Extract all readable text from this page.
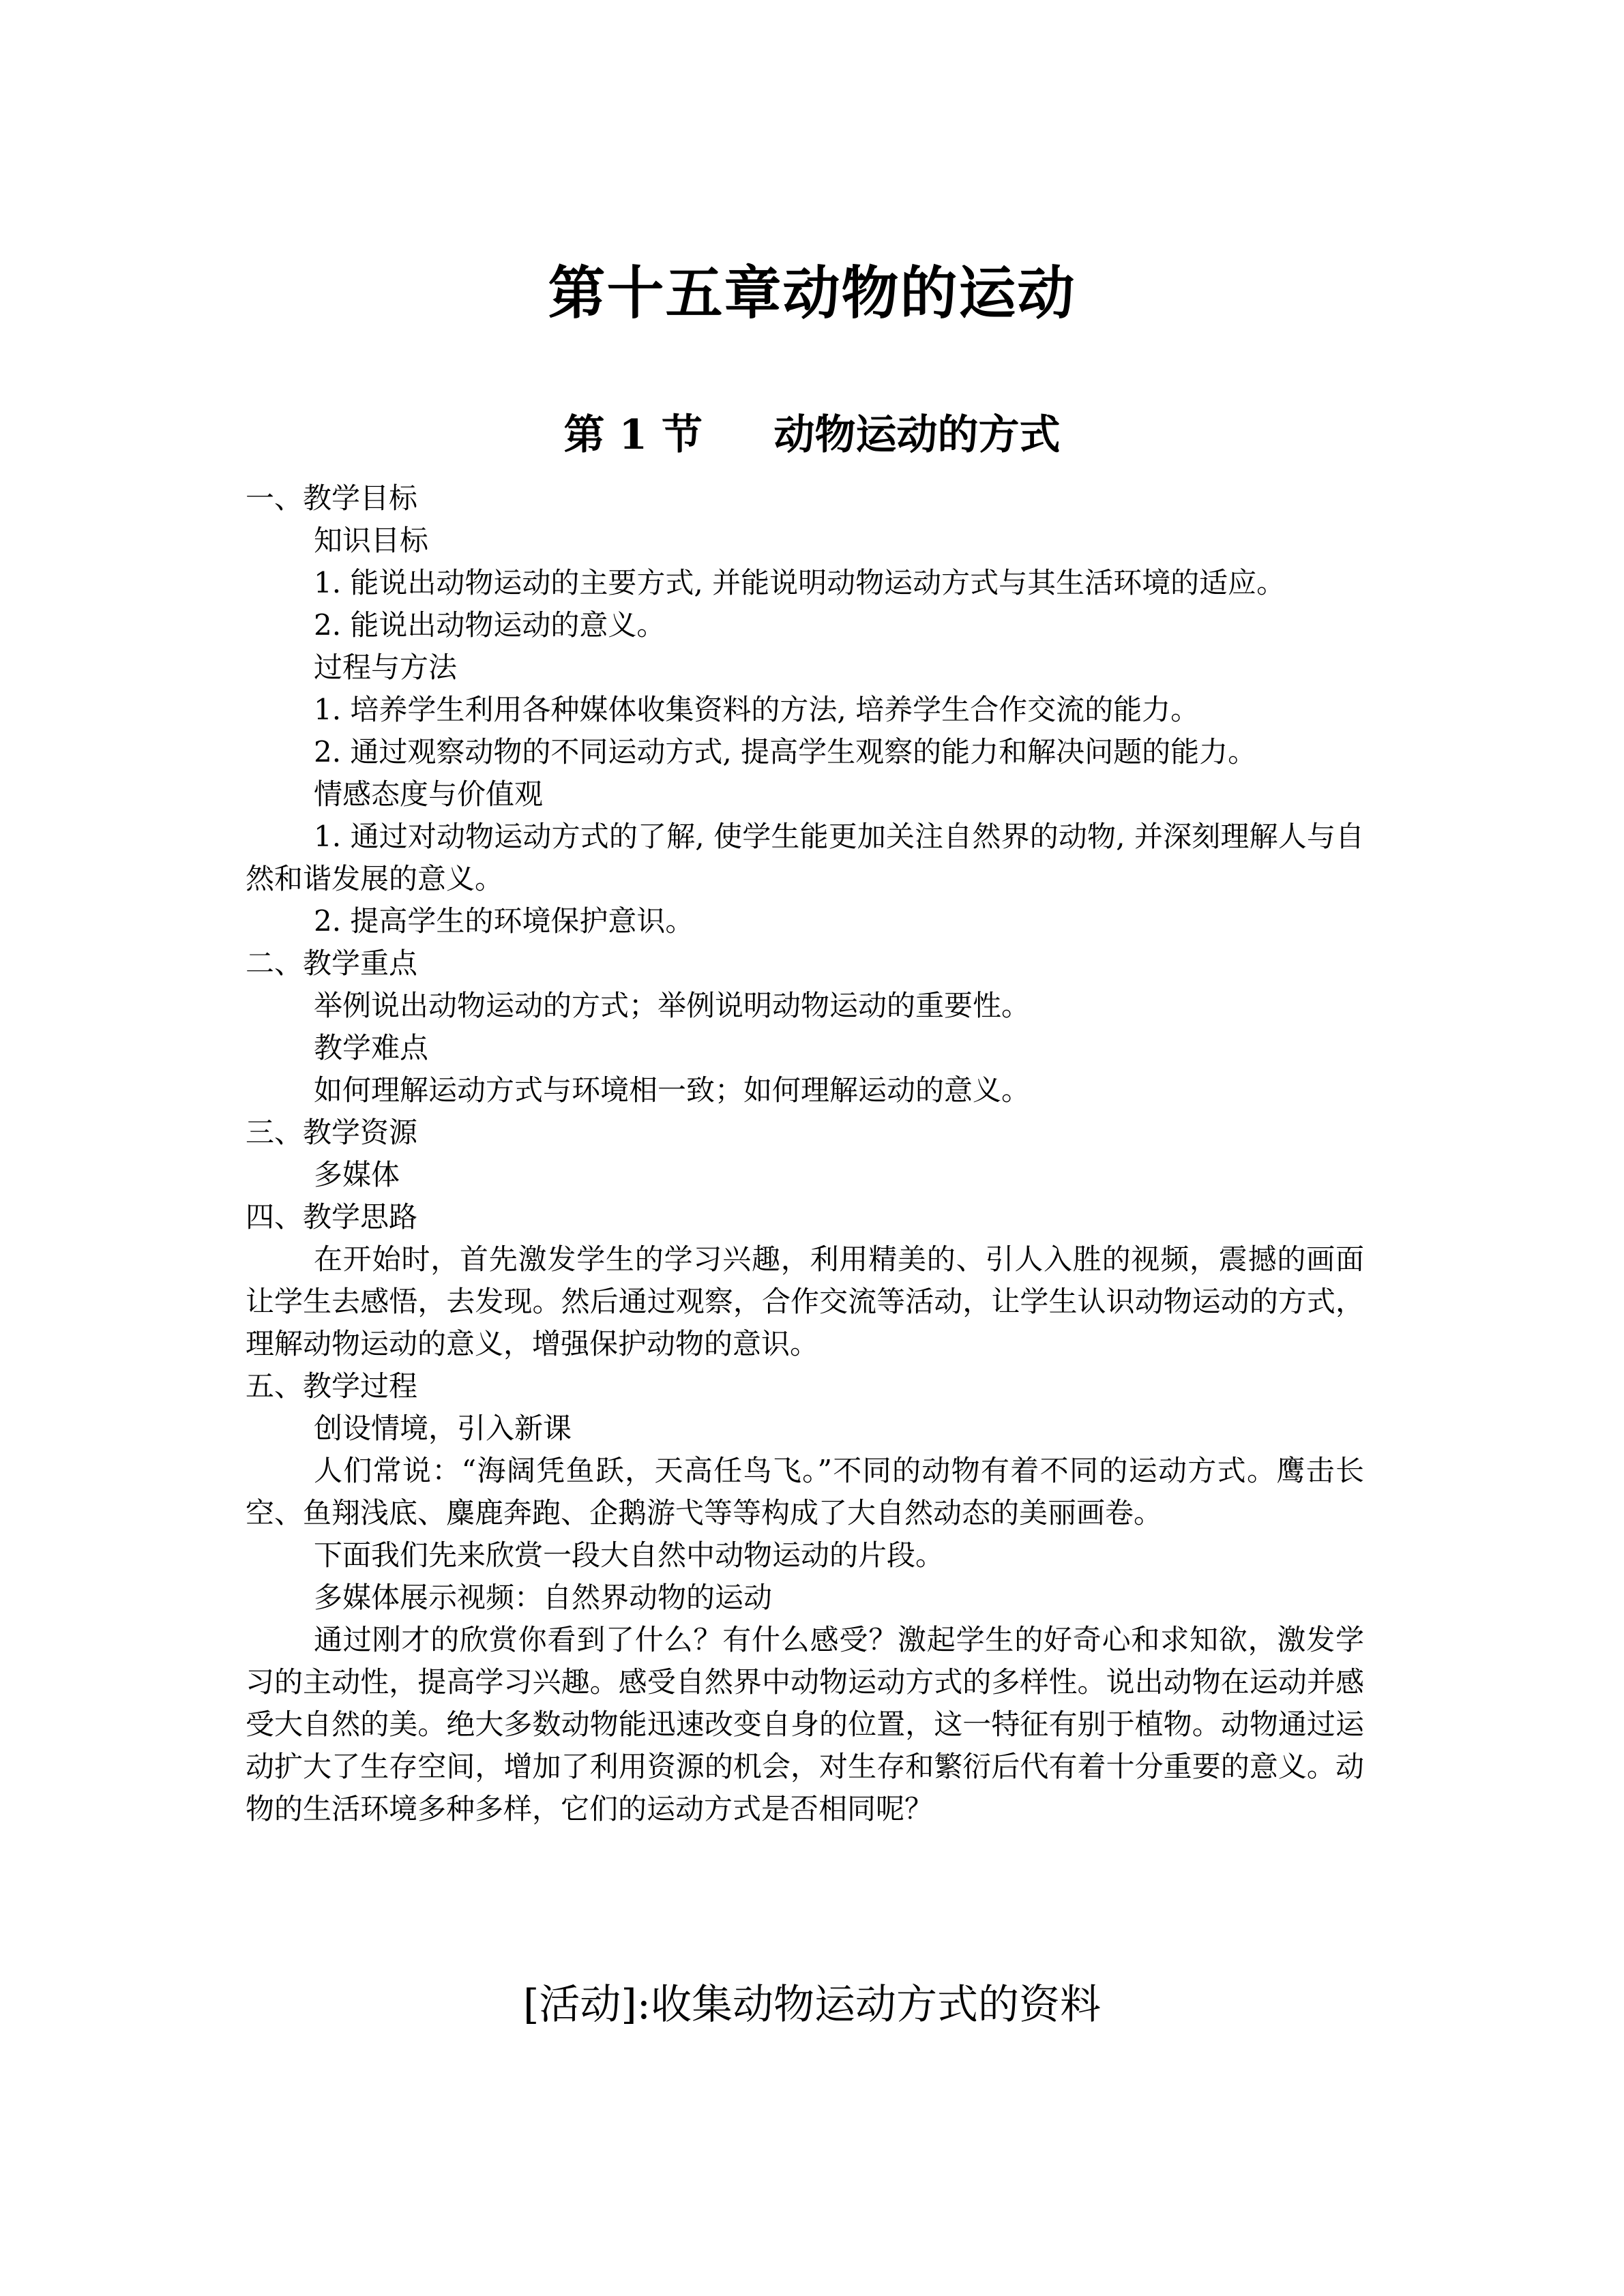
第十五章动物的运动
第 1 节     动物运动的方式

一、教学目标

知识目标

1. 能说出动物运动的主要方式, 并能说明动物运动方式与其生活环境的适应。

2. 能说出动物运动的意义。

过程与方法

1. 培养学生利用各种媒体收集资料的方法, 培养学生合作交流的能力。

2. 通过观察动物的不同运动方式, 提高学生观察的能力和解决问题的能力。

情感态度与价值观

1. 通过对动物运动方式的了解, 使学生能更加关注自然界的动物, 并深刻理解人与自然和谐发展的意义。

2. 提高学生的环境保护意识。

二、教学重点

举例说出动物运动的方式；举例说明动物运动的重要性。

教学难点

如何理解运动方式与环境相一致；如何理解运动的意义。

三、教学资源

多媒体

四、教学思路

在开始时，首先激发学生的学习兴趣，利用精美的、引人入胜的视频，震撼的画面让学生去感悟，去发现。然后通过观察，合作交流等活动，让学生认识动物运动的方式，理解动物运动的意义，增强保护动物的意识。

五、教学过程

创设情境，引入新课

人们常说：“海阔凭鱼跃，天高任鸟飞。”不同的动物有着不同的运动方式。鹰击长空、鱼翔浅底、麋鹿奔跑、企鹅游弋等等构成了大自然动态的美丽画卷。

下面我们先来欣赏一段大自然中动物运动的片段。

多媒体展示视频：自然界动物的运动

通过刚才的欣赏你看到了什么？有什么感受？激起学生的好奇心和求知欲，激发学习的主动性，提高学习兴趣。感受自然界中动物运动方式的多样性。说出动物在运动并感受大自然的美。绝大多数动物能迅速改变自身的位置，这一特征有别于植物。动物通过运动扩大了生存空间，增加了利用资源的机会，对生存和繁衍后代有着十分重要的意义。动物的生活环境多种多样，它们的运动方式是否相同呢？

[活动]:收集动物运动方式的资料
